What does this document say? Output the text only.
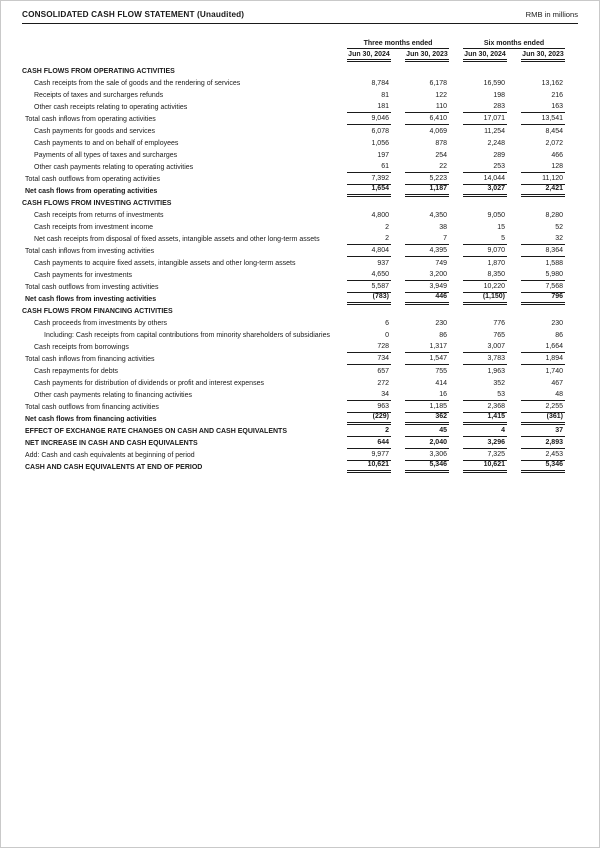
CONSOLIDATED CASH FLOW STATEMENT (Unaudited)	RMB in millions
Three months ended	Six months ended
Jun 30, 2024 Jun 30, 2023 Jun 30, 2024 Jun 30, 2023
CASH FLOWS FROM OPERATING ACTIVITIES
Cash receipts from the sale of goods and the rendering of services	8,784	6,178	16,590	13,162
Receipts of taxes and surcharges refunds	81	122	198	216
Other cash receipts relating to operating activities	181	110	283	163
Total cash inflows from operating activities	9,046	6,410	17,071	13,541
Cash payments for goods and services	6,078	4,069	11,254	8,454
Cash payments to and on behalf of employees	1,056	878	2,248	2,072
Payments of all types of taxes and surcharges	197	254	289	466
Other cash payments relating to operating activities	61	22	253	128
Total cash outflows from operating activities	7,392	5,223	14,044	11,120
Net cash flows from operating activities	1,654	1,187	3,027	2,421
CASH FLOWS FROM INVESTING ACTIVITIES
Cash receipts from returns of investments	4,800	4,350	9,050	8,280
Cash receipts from investment income	2	38	15	52
Net cash receipts from disposal of fixed assets, intangible assets and other long-term assets	2	7	5	32
Total cash inflows from investing activities	4,804	4,395	9,070	8,364
Cash payments to acquire fixed assets, intangible assets and other long-term assets	937	749	1,870	1,588
Cash payments for investments	4,650	3,200	8,350	5,980
Total cash outflows from investing activities	5,587	3,949	10,220	7,568
Net cash flows from investing activities	(783)	446	(1,150)	796
CASH FLOWS FROM FINANCING ACTIVITIES
Cash proceeds from investments by others	6	230	776	230
Including: Cash receipts from capital contributions from minority shareholders of subsidiaries	0	86	765	86
Cash receipts from borrowings	728	1,317	3,007	1,664
Total cash inflows from financing activities	734	1,547	3,783	1,894
Cash repayments for debts	657	755	1,963	1,740
Cash payments for distribution of dividends or profit and interest expenses	272	414	352	467
Other cash payments relating to financing activities	34	16	53	48
Total cash outflows from financing activities	963	1,185	2,368	2,255
Net cash flows from financing activities	(229)	362	1,415	(361)
EFFECT OF EXCHANGE RATE CHANGES ON CASH AND CASH EQUIVALENTS	2	45	4	37
NET INCREASE IN CASH AND CASH EQUIVALENTS	644	2,040	3,296	2,893
Add: Cash and cash equivalents at beginning of period	9,977	3,306	7,325	2,453
CASH AND CASH EQUIVALENTS AT END OF PERIOD	10,621	5,346	10,621	5,346
